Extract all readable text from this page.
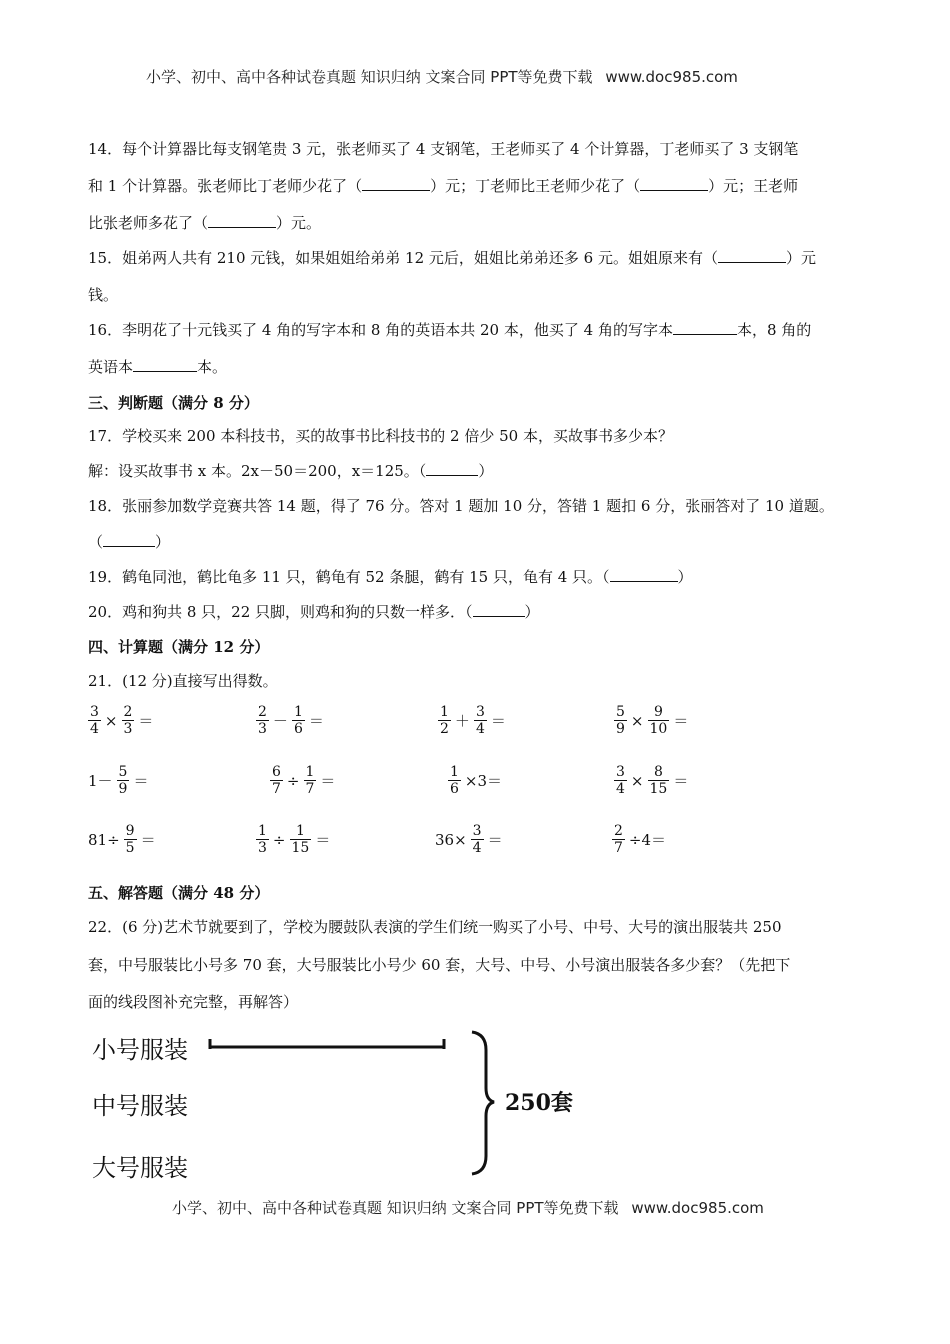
小学、初中、高中各种试卷真题 知识归纳 文案合同 PPT等免费下载 www.doc985.com
14．每个计算器比每支钢笔贵 3 元，张老师买了 4 支钢笔，王老师买了 4 个计算器，丁老师买了 3 支钢笔
和 1 个计算器。张老师比丁老师少花了（	）元；丁老师比王老师少花了（	）元；王老师
比张老师多花了（	）元。
15．姐弟两人共有 210 元钱，如果姐姐给弟弟 12 元后，姐姐比弟弟还多 6 元。姐姐原来有（	）元
钱。
16．李明花了十元钱买了 4 角的写字本和 8 角的英语本共 20 本，他买了 4 角的写字本	本，8 角的
英语本	本。
三、判断题（满分 8 分）
17．学校买来 200 本科技书，买的故事书比科技书的 2 倍少 50 本，买故事书多少本？
解：设买故事书 x 本。2x－50＝200，x＝125。（	）
18．张丽参加数学竞赛共答 14 题，得了 76 分。答对 1 题加 10 分，答错 1 题扣 6 分，张丽答对了 10 道题。
（	）
19．鹤龟同池，鹤比龟多 11 只，鹤龟有 52 条腿，鹤有 15 只，龟有 4 只。（	）
20．鸡和狗共 8 只，22 只脚，则鸡和狗的只数一样多．（	）
四、计算题（满分 12 分）
21．(12 分)直接写出得数。
$\frac{3}{4} \times \frac{2}{3}$ ＝	$\frac{2}{3} - \frac{1}{6}$ ＝	$\frac{1}{2} + \frac{3}{4}$ ＝	$\frac{5}{9} \times \frac{9}{10}$ ＝
$1- \frac{5}{9}$ ＝	$\frac{6}{7} \div \frac{1}{7}$ ＝	$\frac{1}{6} \times 3=$	$\frac{3}{4} \times \frac{8}{15}$ ＝
$81\div \frac{9}{5}$ ＝	$\frac{1}{3} \div \frac{1}{15}$ ＝	$36\times \frac{3}{4}$ ＝	$\frac{2}{7} \div 4=$
五、解答题（满分 48 分）
22．(6 分)艺术节就要到了，学校为腰鼓队表演的学生们统一购买了小号、中号、大号的演出服装共 250
套，中号服装比小号多 70 套，大号服装比小号少 60 套，大号、中号、小号演出服装各多少套？（先把下
面的线段图补充完整，再解答）
小号服装
中号服装
大号服装
250套
小学、初中、高中各种试卷真题 知识归纳 文案合同 PPT等免费下载 www.doc985.com
